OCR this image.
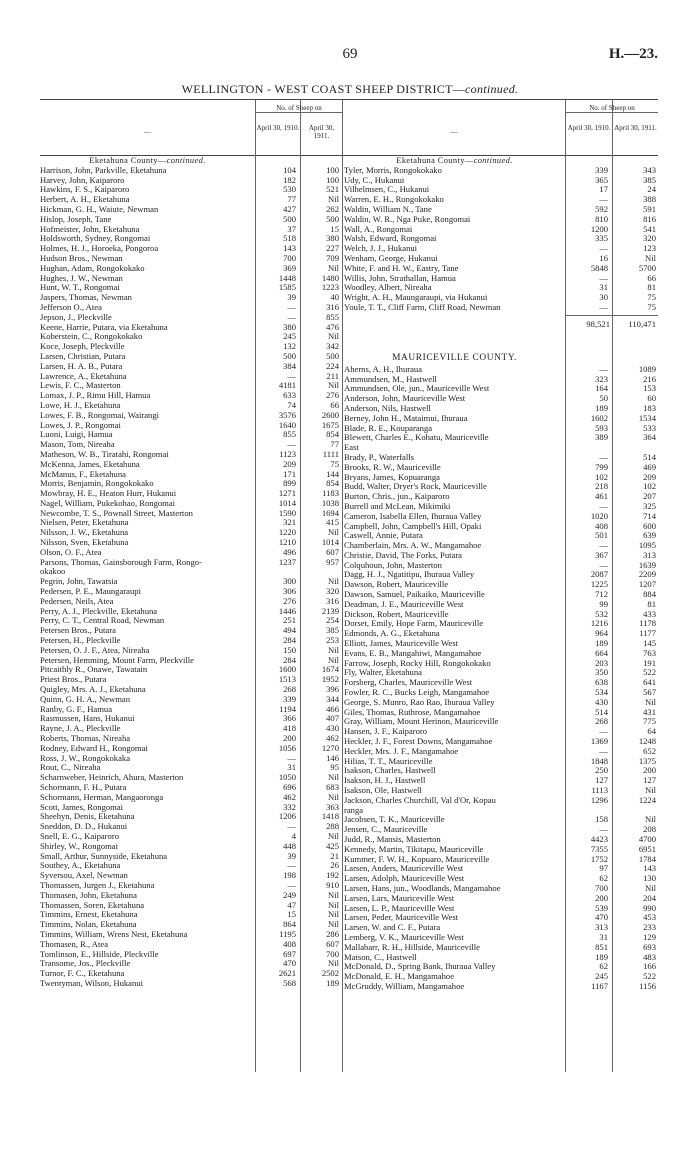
69	H.—23.
WELLINGTON - WEST COAST SHEEP DISTRICT—continued.
—
No. of Sheep on
April 30, 1910.	April 30, 1911.
Eketahuna County—continued.
Harrison, John, Parkville, Eketahuna	104	100
Harvey, John, Kaiparoro	182	100
Hawkins, F. S., Kaiparoro	530	521
Herbert, A. H., Eketahuna	77	Nil
Hickman, G. H., Waiute, Newman	427	262
Hislop, Joseph, Tane	500	500
Hofmeister, John, Eketahuna	37	15
Holdsworth, Sydney, Rongomai	518	380
Holmes, H. J., Horoeka, Pongoroa	143	227
Hudson Bros., Newman	700	709
Hughan, Adam, Rongokokako	369	Nil
Hughes, J. W., Newman	1448	1480
Hunt, W. T., Rongomai	1585	1223
Jaspers, Thomas, Newman	39	40
Jefferson O., Atea	—	316
Jepson, J., Pleckville	—	855
Keene, Harrie, Putara, via Eketahuna	380	476
Koberstein, C., Rongokokako	245	Nil
Koce, Joseph, Pleckville	132	342
Larsen, Christian, Putara	500	500
Larsen, H. A. B., Putara	384	224
Lawrence, A., Eketahuna	—	211
Lewis, F. C., Masterton	4181	Nil
Lomax, J. P., Rimu Hill, Hamua	633	276
Lowe, H. J., Eketahuna	74	66
Lowes, F. B., Rongomai, Wairangi	3576	2600
Lowes, J. P., Rongomai	1640	1675
Luoni, Luigi, Hamua	855	854
Mason, Tom, Nireaha	—	77
Matheson, W. B., Tiratahi, Rongomai	1123	1111
McKenna, James, Eketahuna	209	75
McManus, F., Eketahuna	171	144
Morris, Benjamin, Rongokokako	899	854
Mowbray, H. E., Heaton Hurr, Hukanui	1271	1183
Nagel, William, Pukekohao, Rongomai	1014	1038
Newcombe, T. S., Pownall Street, Masterton	1590	1694
Nielsen, Peter, Eketahuna	321	415
Nilsson, J. W., Eketahuna	1220	Nil
Nilsson, Sven, Eketahuna	1210	1014
Olson, O. F., Atea	496	607
Parsons, Thomas, Gainsborough Farm, Rongo-	1237	957
okakoo
Pegrin, John, Tawatsia	300	Nil
Pedersen, P. E., Maungaraupi	306	320
Pedersen, Neils, Atea	276	316
Perry, A. J., Pleckville, Eketahuna	1446	2139
Perry, C. T., Central Road, Newman	251	254
Petersen Bros., Putara	494	385
Petersen, H., Pleckville	284	253
Petersen, O. J. F., Atea, Nireaha	150	Nil
Petersen, Hemming, Mount Farm, Pleckville	284	Nil
Pitcaithly R., Onawe, Tawatain	1600	1674
Priest Bros., Putara	1513	1952
Quigley, Mrs. A. J., Eketahuna	268	396
Quinn, G. H. A., Newman	339	344
Ranby, G. F., Hamua	1194	466
Rasmussen, Hans, Hukanui	366	407
Rayne, J. A., Pleckville	418	430
Roberts, Thomas, Nireaha	200	462
Rodney, Edward H., Rongomai	1056	1270
Ross, J. W., Rongokokaka	—	146
Rout, C., Nireaha	31	95
Scharnweber, Heinrich, Ahura, Masterton	1050	Nil
Schormann, F. H., Putara	696	683
Schormann, Herman, Mangaoronga	462	Nil
Scott, James, Rongomai	332	363
Sheehyn, Denis, Eketahuna	1206	1418
Sneddon, D. D., Hukanui	—	288
Snell, E. G., Kaiparoro	4	Nil
Shirley, W., Rongomai	448	425
Small, Arthur, Sunnyside, Eketahuna	39	21
Southey, A., Eketahuna	—	26
Syversou, Axel, Newman	198	192
Thomassen, Jurgen J., Eketahuna	—	910
Thomasen, John, Eketahuna	249	Nil
Thomassen, Soren, Eketahuna	47	Nil
Timmins, Ernest, Eketahuna	15	Nil
Timmins, Nolan, Eketahuna	864	Nil
Timmins, William, Wrens Nest, Eketahuna	1195	286
Thomasen, R., Atea	408	607
Tomlinson, E., Hillside, Pleckville	697	700
Transome, Jos., Pleckville	470	Nil
Turnor, F. C., Eketahuna	2621	2502
Twentyman, Wilson, Hukanui	568	189
—
No. of Sheep on
April 30, 1910. April 30, 1911.
Eketahuna County—continued.
Tyler, Morris, Rongokokako	339	343
Udy, C., Hukanui	365	385
Vilhelmsen, C., Hukanui	17	24
Warren, E. H., Rongokokako	—	388
Waldin, William N., Tane	592	591
Waldin, W. R., Nga Puke, Rongomai	810	816
Wall, A., Rongomai	1200	541
Walsh, Edward, Rongomai	335	320
Welch, J. J., Hukanui	—	123
Wenham, George, Hukanui	16	Nil
White, F. and H. W., Eastry, Tane	5848	5700
Willis, John, Strathallan, Hamua	—	66
Woodley, Albert, Nireaha	31	81
Wright, A. H., Maungaraupi, via Hukanui	30	75
Youle, T. T., Cliff Farm, Cliff Road, Newman	—	75
98,521	110,471
MAURICEVILLE COUNTY.
Aherns, A. H., Ihuraua	—	1089
Ammundsen, M., Hastwell	323	216
Ammundsen, Ole, jun., Mauriceville West	164	153
Anderson, John, Mauriceville West	50	60
Anderson, Nils, Hastwell	189	183
Berney, John H., Mataimui, Ihuraua	1602	1534
Blade, R. E., Kouparanga	593	533
Blewett, Charles E., Kohatu, Mauriceville	389	364
East
Brady, P., Waterfalls	—	514
Brooks, R. W., Mauriceville	799	469
Bryans, James, Kopuaranga	102	209
Budd, Walter, Dryer's Rock, Mauriceville	218	102
Burton, Chris., jun., Kaiparoro	461	207
Burrell and McLean, Mikimiki	—	325
Cameron, Isabella Ellen, Ihuraua Valley	1020	714
Campbell, John, Campbell's Hill, Opaki	408	600
Caswell, Annie, Putara	501	639
Chamberlain, Mrs. A. W., Mangamahoe	—	1095
Christie, David, The Forks, Putara	367	313
Colquhoun, John, Masterton	—	1639
Dagg, H. J., Ngatitipu, Ihuraua Valley	2087	2209
Dawson, Robert, Mauriceville	1225	1207
Dawson, Samuel, Paikaiko, Mauriceville	712	884
Deadman, J. E., Mauriceville West	99	81
Dickson, Robert, Mauriceville	532	433
Dorset, Emily, Hope Farm, Mauriceville	1216	1178
Edmonds, A. G., Eketahuna	964	1177
Elliott, James, Mauriceville West	189	145
Evans, E. B., Mangahiwi, Mangamahoe	664	763
Farrow, Joseph, Rocky Hill, Rongokokako	203	191
Fly, Walter, Eketahuna	350	522
Forsberg, Charles, Mauriceville West	638	641
Fowler, R. C., Bucks Leigh, Mangamahoe	534	567
George, S. Munro, Rao Rao, Ihuraua Valley	430	Nil
Giles, Thomas, Ruthrose, Mangamahoe	514	431
Gray, William, Mount Herinon, Mauriceville	268	775
Hansen, J. F., Kaiparoro	—	64
Heckler, J. F., Forest Downs, Mangamahoe	1369	1248
Heckler, Mrs. J. F., Mangamahoe	—	652
Hilias, T. T., Mauriceville	1848	1375
Isakson, Charles, Hastwell	250	200
Isakson, H. J., Hastwell	127	127
Isakson, Ole, Hastwell	1113	Nil
Jackson, Charles Churchill, Val d'Or, Kopau	1296	1224
ranga
Jacobsen, T. K., Mauriceville	158	Nil
Jensen, C., Mauriceville	—	208
Judd, R., Mansis, Masterton	4423	4700
Kennedy, Martin, Tikitapu, Mauriceville	7355	6951
Kummer, F. W. H., Kopuaro, Mauriceville	1752	1784
Larsen, Anders, Mauriceville West	97	143
Larsen, Adolph, Mauriceville West	62	130
Larsen, Hans, jun., Woodlands, Mangamahoe	700	Nil
Larsen, Lars, Mauriceville West	200	204
Larsen, L. P., Mauriceville West	539	990
Larsen, Peder, Mauriceville West	470	453
Larsen, W. and C. F., Putara	313	233
Lemberg, V. K., Mauriceville West	31	129
Mallabarr, R. H., Hillside, Mauriceville	851	693
Matson, C., Hastwell	189	483
McDonald, D., Spring Bank, Ihuraua Valley	62	166
McDonald, E. H., Mangamahoe	245	522
McGruddy, William, Mangamahoe	1167	1156
